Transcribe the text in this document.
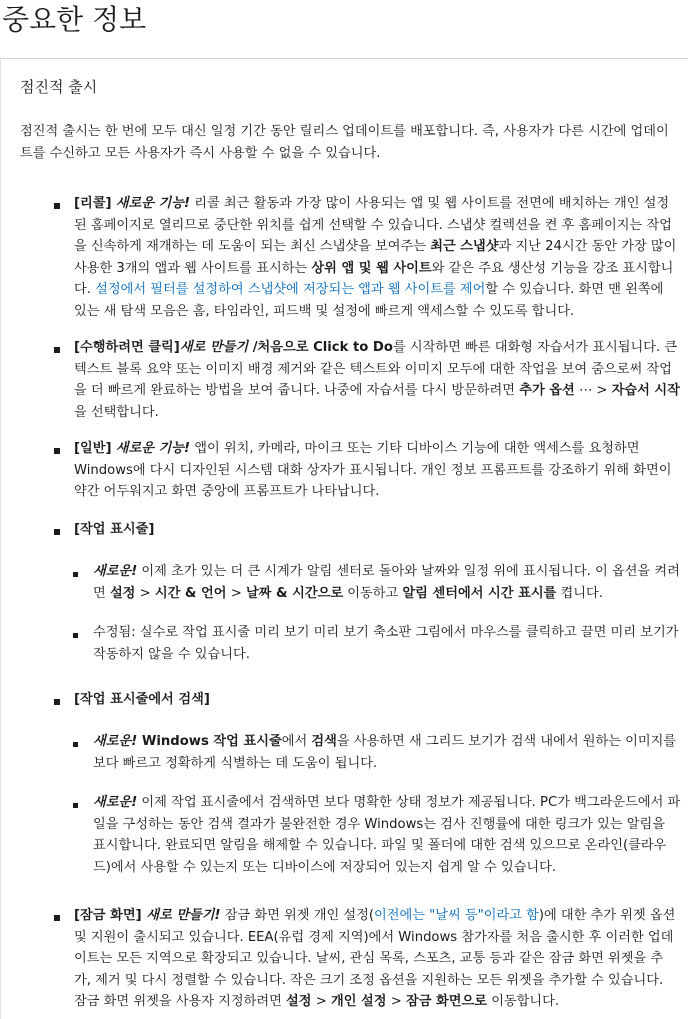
중요한 정보
점진적 출시

점진적 출시는 한 번에 모두 대신 일정 기간 동안 릴리스 업데이트를 배포합니다. 즉, 사용자가 다른 시간에 업데이트를 수신하고 모든 사용자가 즉시 사용할 수 없을 수 있습니다.

[리콜] 새로운 기능! 리콜 최근 활동과 가장 많이 사용되는 앱 및 웹 사이트를 전면에 배치하는 개인 설정된 홈페이지로 열리므로 중단한 위치를 쉽게 선택할 수 있습니다. 스냅샷 컬렉션을 켠 후 홈페이지는 작업을 신속하게 재개하는 데 도움이 되는 최신 스냅샷을 보여주는 최근 스냅샷과 지난 24시간 동안 가장 많이 사용한 3개의 앱과 웹 사이트를 표시하는 상위 앱 및 웹 사이트와 같은 주요 생산성 기능을 강조 표시합니다. 설정에서 필터를 설정하여 스냅샷에 저장되는 앱과 웹 사이트를 제어할 수 있습니다. 화면 맨 왼쪽에 있는 새 탐색 모음은 홈, 타임라인, 피드백 및 설정에 빠르게 액세스할 수 있도록 합니다.

[수행하려면 클릭]새로 만들기 /처음으로 Click to Do를 시작하면 빠른 대화형 자습서가 표시됩니다. 큰 텍스트 블록 요약 또는 이미지 배경 제거와 같은 텍스트와 이미지 모두에 대한 작업을 보여 줌으로써 작업을 더 빠르게 완료하는 방법을 보여 줍니다. 나중에 자습서를 다시 방문하려면 추가 옵션 ⋯ > 자습서 시작을 선택합니다.

[일반] 새로운 기능! 앱이 위치, 카메라, 마이크 또는 기타 디바이스 기능에 대한 액세스를 요청하면 Windows에 다시 디자인된 시스템 대화 상자가 표시됩니다. 개인 정보 프롬프트를 강조하기 위해 화면이 약간 어두워지고 화면 중앙에 프롬프트가 나타납니다.

[작업 표시줄]

새로운! 이제 초가 있는 더 큰 시계가 알림 센터로 돌아와 날짜와 일정 위에 표시됩니다. 이 옵션을 켜려면 설정 > 시간 & 언어 > 날짜 & 시간으로 이동하고 알림 센터에서 시간 표시를 켭니다.

수정됨: 실수로 작업 표시줄 미리 보기 미리 보기 축소판 그림에서 마우스를 클릭하고 끌면 미리 보기가 작동하지 않을 수 있습니다.

[작업 표시줄에서 검색]

새로운! Windows 작업 표시줄에서 검색을 사용하면 새 그리드 보기가 검색 내에서 원하는 이미지를 보다 빠르고 정확하게 식별하는 데 도움이 됩니다.

새로운! 이제 작업 표시줄에서 검색하면 보다 명확한 상태 정보가 제공됩니다. PC가 백그라운드에서 파일을 구성하는 동안 검색 결과가 불완전한 경우 Windows는 검사 진행률에 대한 링크가 있는 알림을 표시합니다. 완료되면 알림을 해제할 수 있습니다. 파일 및 폴더에 대한 검색 있으므로 온라인(클라우드)에서 사용할 수 있는지 또는 디바이스에 저장되어 있는지 쉽게 알 수 있습니다.

[잠금 화면] 새로 만들기! 잠금 화면 위젯 개인 설정(이전에는 "날씨 등"이라고 함)에 대한 추가 위젯 옵션 및 지원이 출시되고 있습니다. EEA(유럽 경제 지역)에서 Windows 참가자를 처음 출시한 후 이러한 업데이트는 모든 지역으로 확장되고 있습니다. 날씨, 관심 목록, 스포츠, 교통 등과 같은 잠금 화면 위젯을 추가, 제거 및 다시 정렬할 수 있습니다. 작은 크기 조정 옵션을 지원하는 모든 위젯을 추가할 수 있습니다. 잠금 화면 위젯을 사용자 지정하려면 설정 > 개인 설정 > 잠금 화면으로 이동합니다.
